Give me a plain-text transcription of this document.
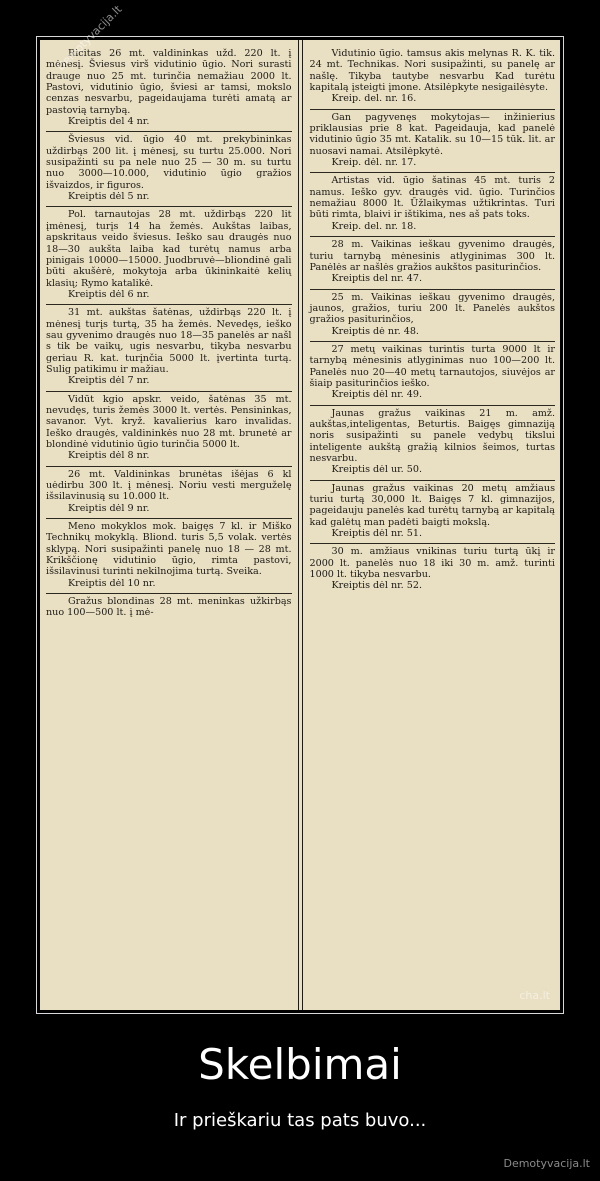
Ricitas 26 mt. valdininkas užd. 220 lt. į mėnesį. Šviesus virš vidutinio ūgio. Nori surasti drauge nuo 25 mt. turinčia nemažiau 2000 lt. Pastovi, vidutinio ūgio, šviesi ar tamsi, mokslo cenzas nesvarbu, pageidaujama turėti amatą ar pastovią tarnybą.
Kreiptis del 4 nr.
Šviesus vid. ūgio 40 mt. prekybininkas uždirbąs 200 lit. į mėnesį, su turtu 25.000. Nori susipažinti su pa nele nuo 25 — 30 m. su turtu nuo 3000—10.000, vidutinio ūgio gražios išvaizdos, ir figuros.
Kreiptis dėl 5 nr.
Pol. tarnautojas 28 mt. uždirbąs 220 lit įmėnesį, turįs 14 ha žemės. Aukštas laibas, apskritaus veido šviesus. Ieško sau draugės nuo 18—30 aukšta laiba kad turėtų namus arba pinigais 10000—15000. Juodbruvė—bliondinė gali būti akušėrė, mokytoja arba ūkininkaitė kelių klasių; Rymo katalikė.
Kreiptis dėl 6 nr.
31 mt. aukštas šatėnas, uždirbąs 220 lt. į mėnesį turįs turtą, 35 ha žemės. Nevedęs, ieško sau gyvenimo draugės nuo 18—35 panelės ar našl s tik be vaikų, ugis nesvarbu, tikyba nesvarbu geriau R. kat. turįnčia 5000 lt. įvertinta turtą. Sulig patikimu ir mažiau.
Kreiptis dėl 7 nr.
Vidūt kgio apskr. veido, šatėnas 35 mt. nevudęs, turis žemės 3000 lt. vertės. Pensininkas, savanor. Vyt. kryž. kavalierius karo invalidas. Ieško draugės, valdininkės nuo 28 mt. brunetė ar blondinė vidutinio ūgio turinčia 5000 lt.
Kreiptis dėl 8 nr.
26 mt. Valdininkas brunėtas išėjas 6 kl uėdirbu 300 lt. į mėnesį. Noriu vesti merguželę išsilavinusią su 10.000 lt.
Kreiptis dėl 9 nr.
Meno mokyklos mok. baigęs 7 kl. ir Miško Technikų mokyklą. Bliond. turis 5,5 volak. vertės sklypą. Nori susipažinti panelę nuo 18 — 28 mt. Krikščionę vidutinio ūgio, rimta pastovi, išsilavinusi turinti nekilnojima turtą. Sveika.
Kreiptis dėl 10 nr.
Gražus blondinas 28 mt. meninkas užkirbąs nuo 100—500 lt. į mė-
Vidutinio ūgio. tamsus akis melynas R. K. tik. 24 mt. Technikas. Nori susipažinti, su panelę ar našlę. Tikyba tautybe nesvarbu Kad turėtu kapitalą įsteigti įmone. Atsilėpkyte nesigailėsyte.
Kreip. del. nr. 16.
Gan pagyvenęs mokytojas— inžinierius priklausias prie 8 kat. Pageidauja, kad panelė vidutinio ūgio 35 mt. Katalik. su 10—15 tūk. lit. ar nuosavi namai. Atsilėpkytė.
Kreip. dėl. nr. 17.
Artistas vid. ūgio šatinas 45 mt. turis 2 namus. Ieško gyv. draugės vid. ūgio. Turinčios nemažiau 8000 lt. Ūžlaikymas užtikrintas. Turi būti rimta, blaivi ir ištikima, nes aš pats toks.
Kreip. del. nr. 18.
28 m. Vaikinas ieškau gyvenimo draugės, turiu tarnybą mėnesinis atlyginimas 300 lt. Panėlės ar našlės gražios aukštos pasiturinčios.
Kreiptis del nr. 47.
25 m. Vaikinas ieškau gyvenimo draugės, jaunos, gražios, turiu 200 lt. Panelės aukštos gražios pasiturinčios,
Kreiptis dė nr. 48.
27 metų vaikinas turintis turta 9000 lt ir tarnybą mėnesinis atlyginimas nuo 100—200 lt. Panelės nuo 20—40 metų tarnautojos, siuvėjos ar šiaip pasiturinčios ieško.
Kreiptis dėl nr. 49.
Jaunas gražus vaikinas 21 m. amž. aukštas,inteligentas, Beturtis. Baigęs gimnaziją noris susipažinti su panele vedybų tikslui inteligente aukštą gražią kilnios šeimos, turtas nesvarbu.
Kreiptis dėl ur. 50.
Jaunas gražus vaikinas 20 metų amžiaus turiu turtą 30,000 lt. Baigęs 7 kl. gimnazijos, pageidauju panelės kad turėtų tarnybą ar kapitalą kad galėtų man padėti baigti mokslą.
Kreiptis dėl nr. 51.
30 m. amžiaus vnikinas turiu turtą ūkį ir 2000 lt. panelės nuo 18 iki 30 m. amž. turinti 1000 lt. tikyba nesvarbu.
Kreiptis dėl nr. 52.
Demotyvacija.lt
cha.lt
Skelbimai
Ir prieškariu tas pats buvo...
Demotyvacija.lt
